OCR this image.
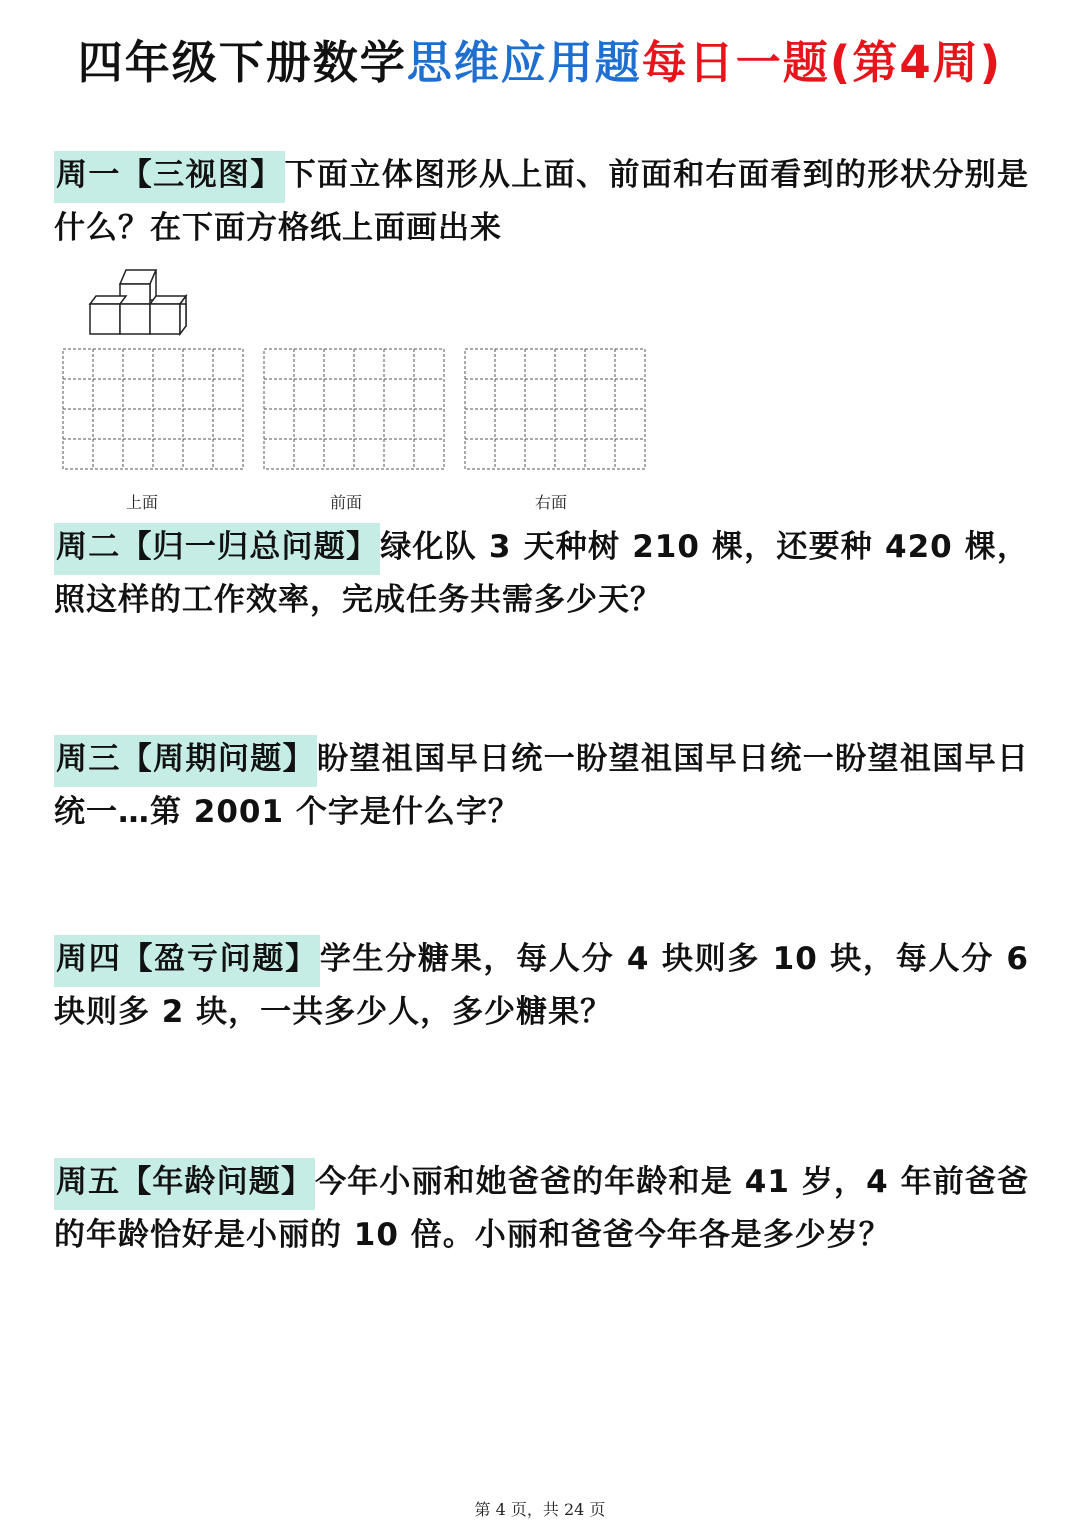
四年级下册数学思维应用题每日一题(第4周)
周一【三视图】下面立体图形从上面、前面和右面看到的形状分别是什么？在下面方格纸上面画出来
上面	前面	右面
周二【归一归总问题】绿化队 3 天种树 210 棵，还要种 420 棵，照这样的工作效率，完成任务共需多少天？
周三【周期问题】盼望祖国早日统一盼望祖国早日统一盼望祖国早日统一…第 2001 个字是什么字？
周四【盈亏问题】学生分糖果，每人分 4 块则多 10 块，每人分 6 块则多 2 块，一共多少人，多少糖果？
周五【年龄问题】今年小丽和她爸爸的年龄和是 41 岁，4 年前爸爸的年龄恰好是小丽的 10 倍。小丽和爸爸今年各是多少岁？
第 4 页，共 24 页
